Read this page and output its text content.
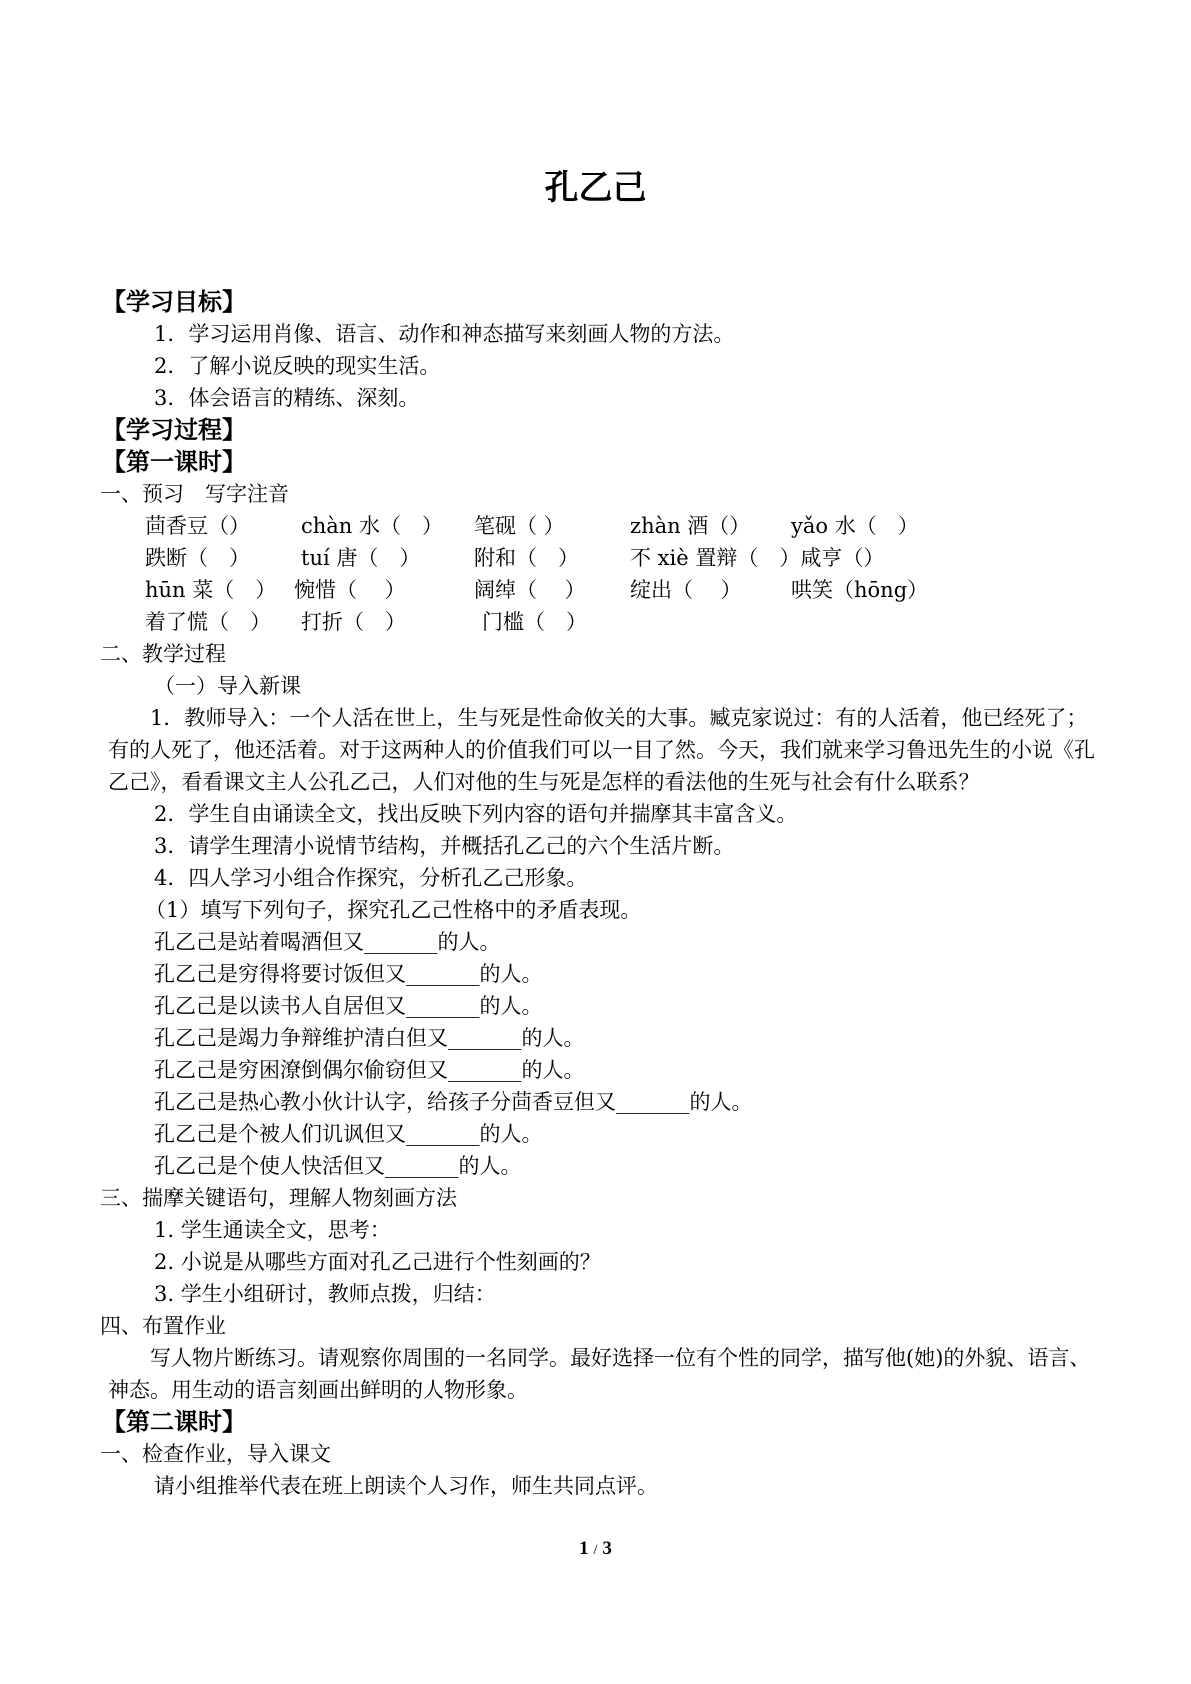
孔乙己
【学习目标】
1．学习运用肖像、语言、动作和神态描写来刻画人物的方法。
2．了解小说反映的现实生活。
3．体会语言的精练、深刻。
【学习过程】
【第一课时】
一、预习　写字注音
茴香豆（） chàn 水（　） 笔砚（ ）	zhàn 酒（） yǎo 水（　）
跌断（　） tuí 唐（　）	附和（　） 不 xiè 置辩（　）咸亨（）
hūn 菜（　） 惋惜（　 ）	阔绰（　 ） 绽出（　 ） 哄笑（hōng）
着了慌（　） 打折（　）	门槛（　）
二、教学过程
（一）导入新课
1．教师导入：一个人活在世上，生与死是性命攸关的大事。臧克家说过：有的人活着，他已经死了；有的人死了，他还活着。对于这两种人的价值我们可以一目了然。今天，我们就来学习鲁迅先生的小说《孔乙己》，看看课文主人公孔乙己，人们对他的生与死是怎样的看法他的生死与社会有什么联系？
2．学生自由诵读全文，找出反映下列内容的语句并揣摩其丰富含义。
3．请学生理清小说情节结构，并概括孔乙己的六个生活片断。
4．四人学习小组合作探究，分析孔乙己形象。
（1）填写下列句子，探究孔乙己性格中的矛盾表现。
孔乙己是站着喝酒但又_______的人。
孔乙己是穷得将要讨饭但又_______的人。
孔乙己是以读书人自居但又_______的人。
孔乙己是竭力争辩维护清白但又_______的人。
孔乙己是穷困潦倒偶尔偷窃但又_______的人。
孔乙己是热心教小伙计认字，给孩子分茴香豆但又_______的人。
孔乙己是个被人们讥讽但又_______的人。
孔乙己是个使人快活但又_______的人。
三、揣摩关键语句，理解人物刻画方法
1. 学生通读全文，思考：
2. 小说是从哪些方面对孔乙己进行个性刻画的？
3. 学生小组研讨，教师点拨，归结：
四、布置作业
写人物片断练习。请观察你周围的一名同学。最好选择一位有个性的同学，描写他(她)的外貌、语言、神态。用生动的语言刻画出鲜明的人物形象。
【第二课时】
一、检查作业，导入课文
请小组推举代表在班上朗读个人习作，师生共同点评。
1 / 3
